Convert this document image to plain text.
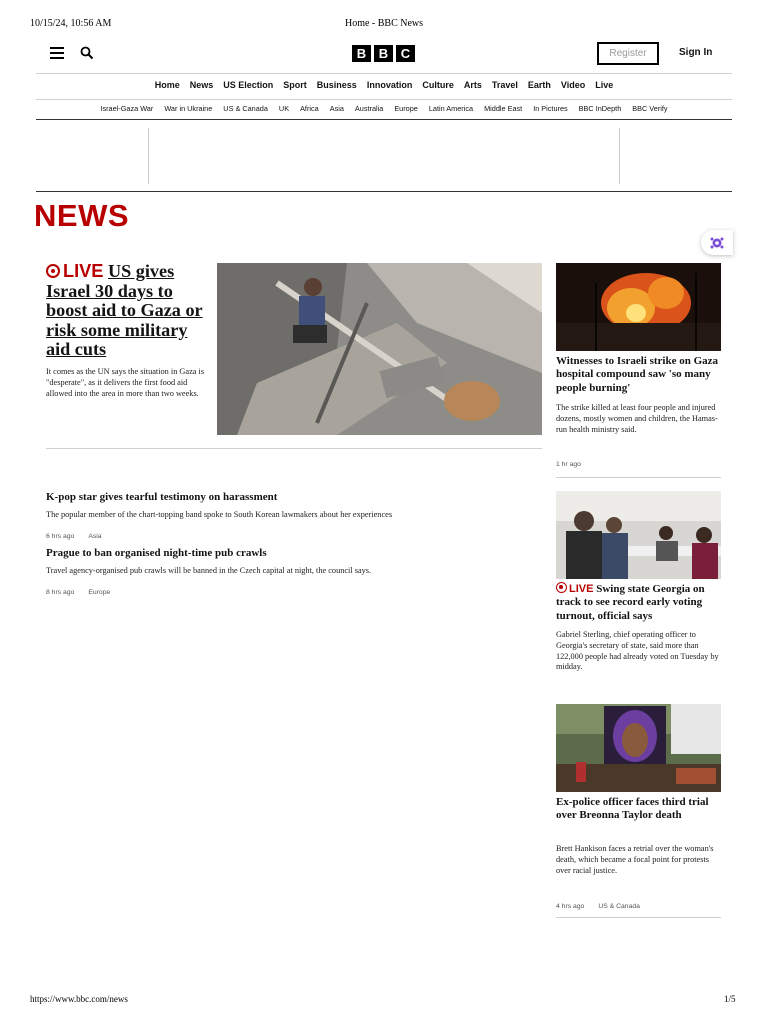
10/15/24, 10:56 AM	Home - BBC News
B B C	Register	Sign In
Home News US Election Sport Business Innovation Culture Arts Travel Earth Video Live
Israel-Gaza War War in Ukraine US & Canada UK Africa Asia Australia Europe Latin America Middle East In Pictures BBC InDepth BBC Verify
NEWS
LIVE US gives Israel 30 days to boost aid to Gaza or risk some military aid cuts
It comes as the UN says the situation in Gaza is "desperate", as it delivers the first food aid allowed into the area in more than two weeks.
K-pop star gives tearful testimony on harassment
The popular member of the chart-topping band spoke to South Korean lawmakers about her experiences
6 hrs ago Asia
Prague to ban organised night-time pub crawls
Travel agency-organised pub crawls will be banned in the Czech capital at night, the council says.
8 hrs ago Europe
Witnesses to Israeli strike on Gaza hospital compound saw 'so many people burning'
The strike killed at least four people and injured dozens, mostly women and children, the Hamas-run health ministry said.
1 hr ago
LIVE Swing state Georgia on track to see record early voting turnout, official says
Gabriel Sterling, chief operating officer to Georgia's secretary of state, said more than 122,000 people had already voted on Tuesday by midday.
Ex-police officer faces third trial over Breonna Taylor death
Brett Hankison faces a retrial over the woman's death, which became a focal point for protests over racial justice.
4 hrs ago US & Canada
https://www.bbc.com/news	1/5
